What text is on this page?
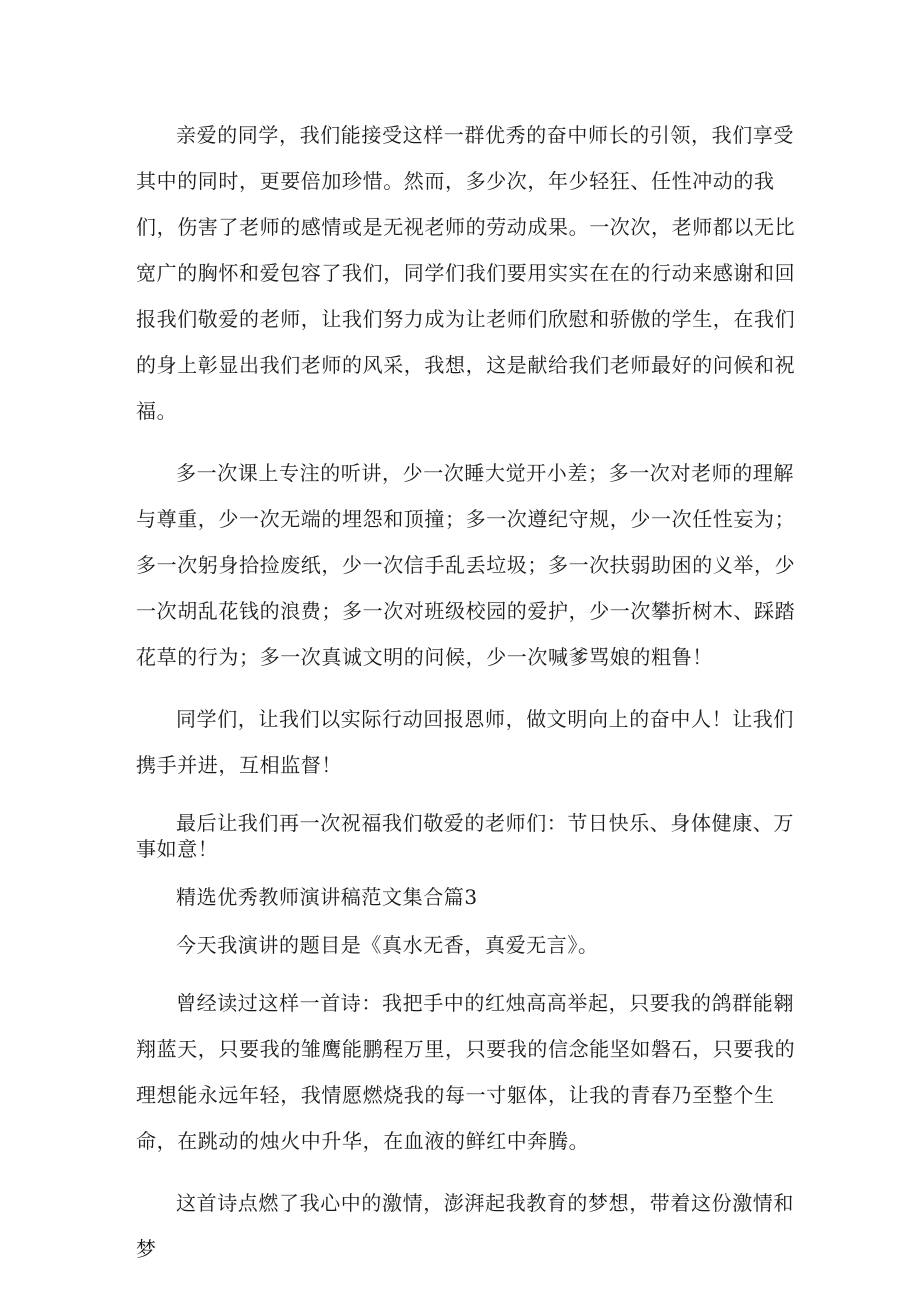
亲爱的同学，我们能接受这样一群优秀的奋中师长的引领，我们享受其中的同时，更要倍加珍惜。然而，多少次，年少轻狂、任性冲动的我们，伤害了老师的感情或是无视老师的劳动成果。一次次，老师都以无比宽广的胸怀和爱包容了我们，同学们我们要用实实在在的行动来感谢和回报我们敬爱的老师，让我们努力成为让老师们欣慰和骄傲的学生，在我们的身上彰显出我们老师的风采，我想，这是献给我们老师最好的问候和祝福。

多一次课上专注的听讲，少一次睡大觉开小差；多一次对老师的理解与尊重，少一次无端的埋怨和顶撞；多一次遵纪守规，少一次任性妄为；多一次躬身拾捡废纸，少一次信手乱丢垃圾；多一次扶弱助困的义举，少一次胡乱花钱的浪费；多一次对班级校园的爱护，少一次攀折树木、踩踏花草的行为；多一次真诚文明的问候，少一次喊爹骂娘的粗鲁！

同学们，让我们以实际行动回报恩师，做文明向上的奋中人！让我们携手并进，互相监督！

最后让我们再一次祝福我们敬爱的老师们：节日快乐、身体健康、万事如意！

精选优秀教师演讲稿范文集合篇3

今天我演讲的题目是《真水无香，真爱无言》。

曾经读过这样一首诗：我把手中的红烛高高举起，只要我的鸽群能翱翔蓝天，只要我的雏鹰能鹏程万里，只要我的信念能坚如磐石，只要我的理想能永远年轻，我情愿燃烧我的每一寸躯体，让我的青春乃至整个生命，在跳动的烛火中升华，在血液的鲜红中奔腾。

这首诗点燃了我心中的激情，澎湃起我教育的梦想，带着这份激情和梦
